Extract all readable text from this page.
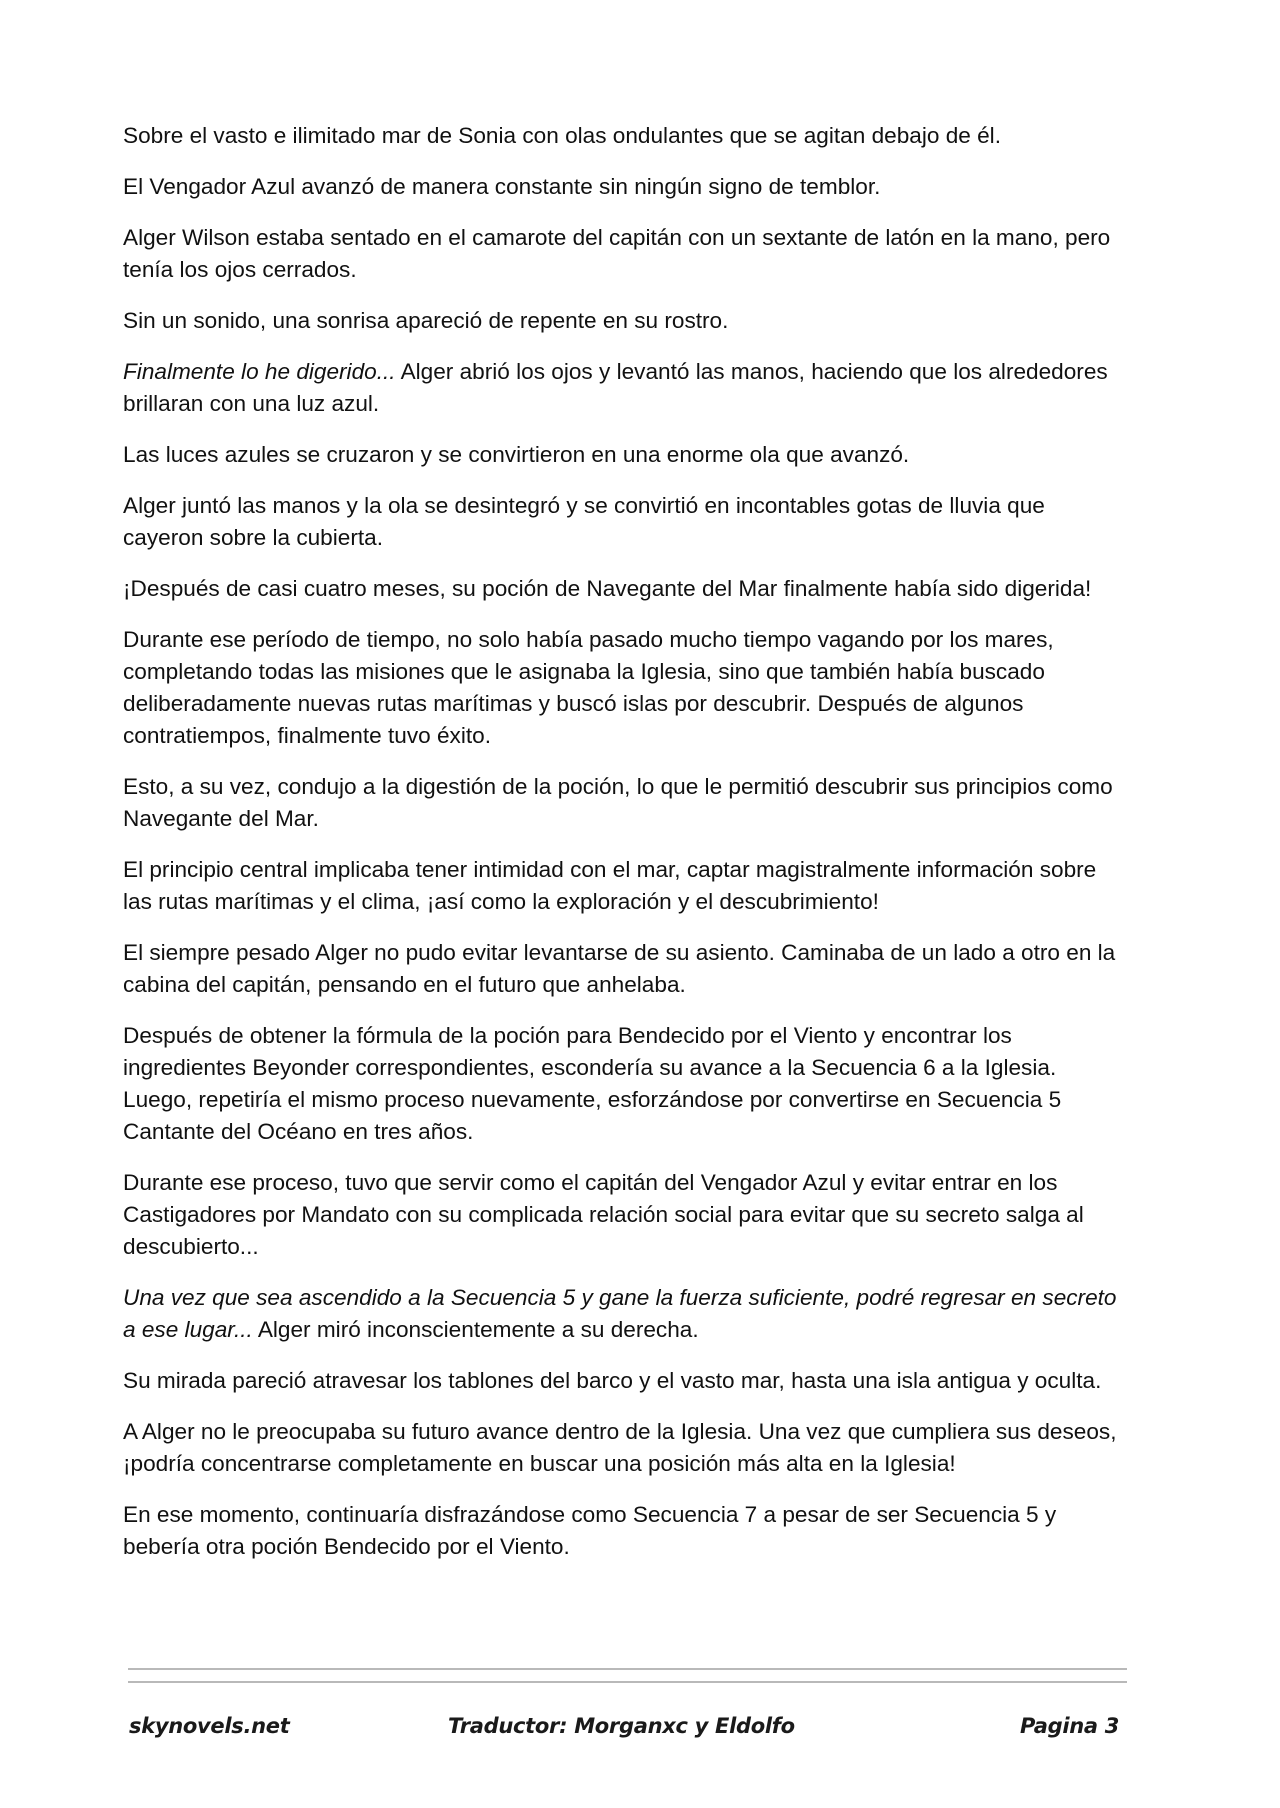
Sobre el vasto e ilimitado mar de Sonia con olas ondulantes que se agitan debajo de él.

El Vengador Azul avanzó de manera constante sin ningún signo de temblor.

Alger Wilson estaba sentado en el camarote del capitán con un sextante de latón en la mano, pero tenía los ojos cerrados.

Sin un sonido, una sonrisa apareció de repente en su rostro.

Finalmente lo he digerido... Alger abrió los ojos y levantó las manos, haciendo que los alrededores brillaran con una luz azul.

Las luces azules se cruzaron y se convirtieron en una enorme ola que avanzó.

Alger juntó las manos y la ola se desintegró y se convirtió en incontables gotas de lluvia que cayeron sobre la cubierta.

¡Después de casi cuatro meses, su poción de Navegante del Mar finalmente había sido digerida!

Durante ese período de tiempo, no solo había pasado mucho tiempo vagando por los mares, completando todas las misiones que le asignaba la Iglesia, sino que también había buscado deliberadamente nuevas rutas marítimas y buscó islas por descubrir. Después de algunos contratiempos, finalmente tuvo éxito.

Esto, a su vez, condujo a la digestión de la poción, lo que le permitió descubrir sus principios como Navegante del Mar.

El principio central implicaba tener intimidad con el mar, captar magistralmente información sobre las rutas marítimas y el clima, ¡así como la exploración y el descubrimiento!

El siempre pesado Alger no pudo evitar levantarse de su asiento. Caminaba de un lado a otro en la cabina del capitán, pensando en el futuro que anhelaba.

Después de obtener la fórmula de la poción para Bendecido por el Viento y encontrar los ingredientes Beyonder correspondientes, escondería su avance a la Secuencia 6 a la Iglesia. Luego, repetiría el mismo proceso nuevamente, esforzándose por convertirse en Secuencia 5 Cantante del Océano en tres años.

Durante ese proceso, tuvo que servir como el capitán del Vengador Azul y evitar entrar en los Castigadores por Mandato con su complicada relación social para evitar que su secreto salga al descubierto...

Una vez que sea ascendido a la Secuencia 5 y gane la fuerza suficiente, podré regresar en secreto a ese lugar... Alger miró inconscientemente a su derecha.

Su mirada pareció atravesar los tablones del barco y el vasto mar, hasta una isla antigua y oculta.

A Alger no le preocupaba su futuro avance dentro de la Iglesia. Una vez que cumpliera sus deseos, ¡podría concentrarse completamente en buscar una posición más alta en la Iglesia!

En ese momento, continuaría disfrazándose como Secuencia 7 a pesar de ser Secuencia 5 y bebería otra poción Bendecido por el Viento.

skynovels.net	Traductor: Morganxc y Eldolfo	Pagina 3
